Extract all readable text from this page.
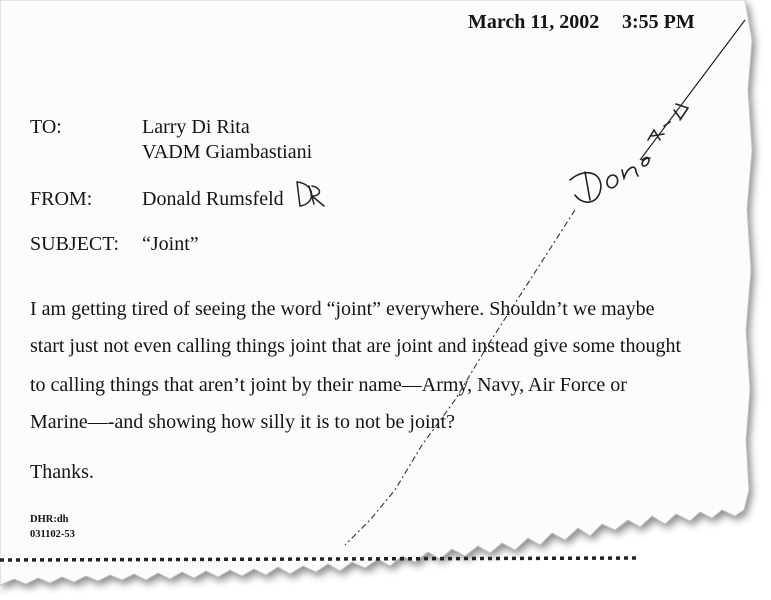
March 11, 2002 3:55 PM
TO:	Larry Di Rita
VADM Giambastiani
FROM: Donald Rumsfeld
SUBJECT: “Joint”
I am getting tired of seeing the word “joint” everywhere. Shouldn’t we maybe
start just not even calling things joint that are joint and instead give some thought
to calling things that aren’t joint by their name—Army, Navy, Air Force or
Marine—-and showing how silly it is to not be joint?
Thanks.
DHR:dh
031102-53
